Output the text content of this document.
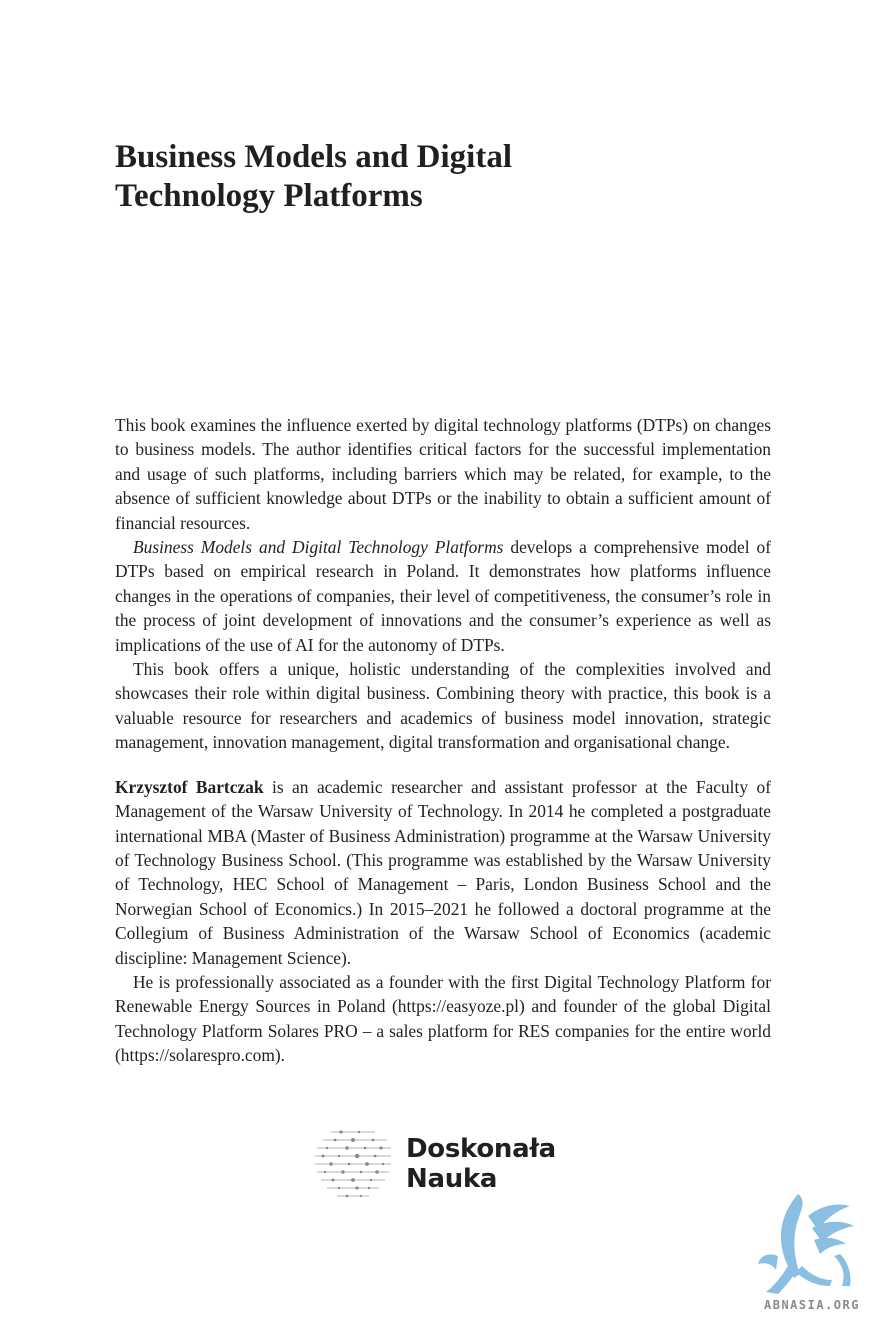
Business Models and Digital
Technology Platforms

This book examines the influence exerted by digital technology platforms (DTPs) on changes to business models. The author identifies critical factors for the successful implementation and usage of such platforms, including barriers which may be related, for example, to the absence of sufficient knowledge about DTPs or the inability to obtain a sufficient amount of financial resources.

Business Models and Digital Technology Platforms develops a comprehensive model of DTPs based on empirical research in Poland. It demonstrates how platforms influence changes in the operations of companies, their level of competitiveness, the consumer’s role in the process of joint development of innovations and the consumer’s experience as well as implications of the use of AI for the autonomy of DTPs.

This book offers a unique, holistic understanding of the complexities involved and showcases their role within digital business. Combining theory with practice, this book is a valuable resource for researchers and academics of business model innovation, strategic management, innovation management, digital transformation and organisational change.

Krzysztof Bartczak is an academic researcher and assistant professor at the Faculty of Management of the Warsaw University of Technology. In 2014 he completed a postgraduate international MBA (Master of Business Administration) programme at the Warsaw University of Technology Business School. (This programme was established by the Warsaw University of Technology, HEC School of Management – Paris, London Business School and the Norwegian School of Economics.) In 2015–2021 he followed a doctoral programme at the Collegium of Business Administration of the Warsaw School of Economics (academic discipline: Management Science).

He is professionally associated as a founder with the first Digital Technology Platform for Renewable Energy Sources in Poland (https://easyoze.pl) and founder of the global Digital Technology Platform Solares PRO – a sales platform for RES companies for the entire world (https://solarespro.com).

Doskonała
Nauka
ABNASIA.ORG
